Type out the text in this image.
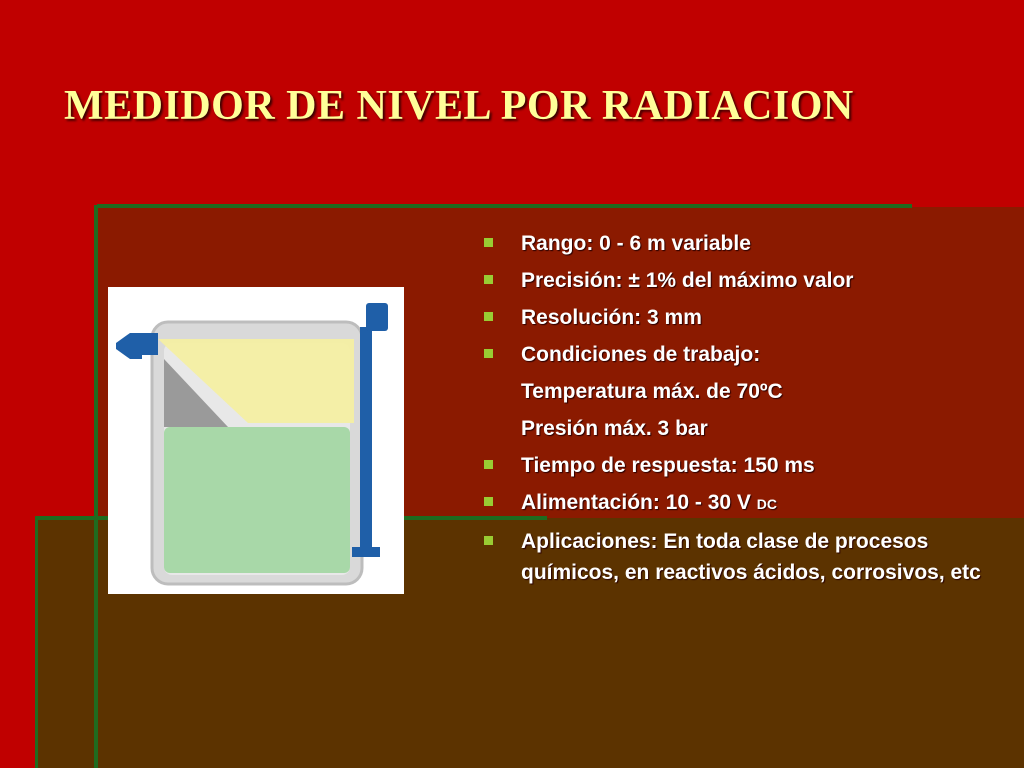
MEDIDOR DE NIVEL POR RADIACION
Rango: 0 - 6 m variable
Precisión: ± 1% del máximo valor
Resolución: 3 mm
Condiciones de trabajo:
Temperatura máx. de 70ºC
Presión máx. 3 bar
Tiempo de respuesta: 150 ms
Alimentación: 10 - 30 V DC
Aplicaciones: En toda clase de procesos químicos, en reactivos ácidos, corrosivos, etc
